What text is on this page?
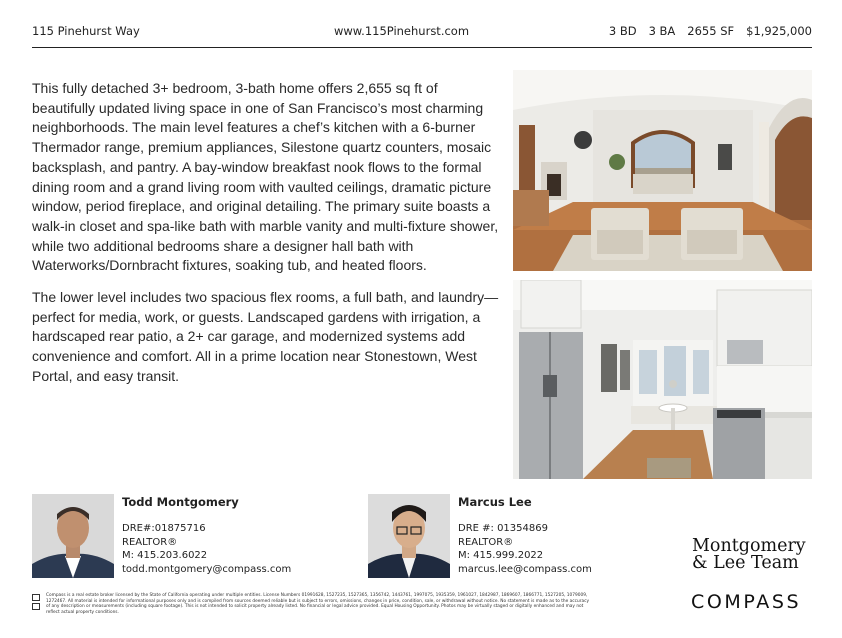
115 Pinehurst Way	www.115Pinehurst.com	3 BD 3 BA 2655 SF $1,925,000

This fully detached 3+ bedroom, 3-bath home offers 2,655 sq ft of beautifully updated living space in one of San Francisco’s most charming neighborhoods. The main level features a chef’s kitchen with a 6-burner Thermador range, premium appliances, Silestone quartz counters, mosaic backsplash, and pantry. A bay-window breakfast nook flows to the formal dining room and a grand living room with vaulted ceilings, dramatic picture window, period fireplace, and original detailing. The primary suite boasts a walk-in closet and spa-like bath with marble vanity and multi-fixture shower, while two additional bedrooms share a designer hall bath with Waterworks/Dornbracht fixtures, soaking tub, and heated floors.

The lower level includes two spacious flex rooms, a full bath, and laundry—perfect for media, work, or guests. Landscaped gardens with irrigation, a hardscaped rear patio, a 2+ car garage, and modernized systems add convenience and comfort. All in a prime location near Stonestown, West Portal, and easy transit.

Todd Montgomery
DRE#:01875716
REALTOR®
M: 415.203.6022
todd.montgomery@compass.com
Marcus Lee
DRE #: 01354869
REALTOR®
M: 415.999.2022
marcus.lee@compass.com
Montgomery
& Lee Team
COMPASS
Compass is a real estate broker licensed by the State of California operating under multiple entities. License Numbers 01991628, 1527235, 1527365, 1356742, 1443761, 1997075, 1935359, 1961027, 1842987, 1869607, 1866771, 1527205, 1079009, 1272467. All material is intended for informational purposes only and is compiled from sources deemed reliable but is subject to errors, omissions, changes in price, condition, sale, or withdrawal without notice. No statement is made as to the accuracy of any description or measurements (including square footage). This is not intended to solicit property already listed. No financial or legal advice provided. Equal Housing Opportunity. Photos may be virtually staged or digitally enhanced and may not reflect actual property conditions.
